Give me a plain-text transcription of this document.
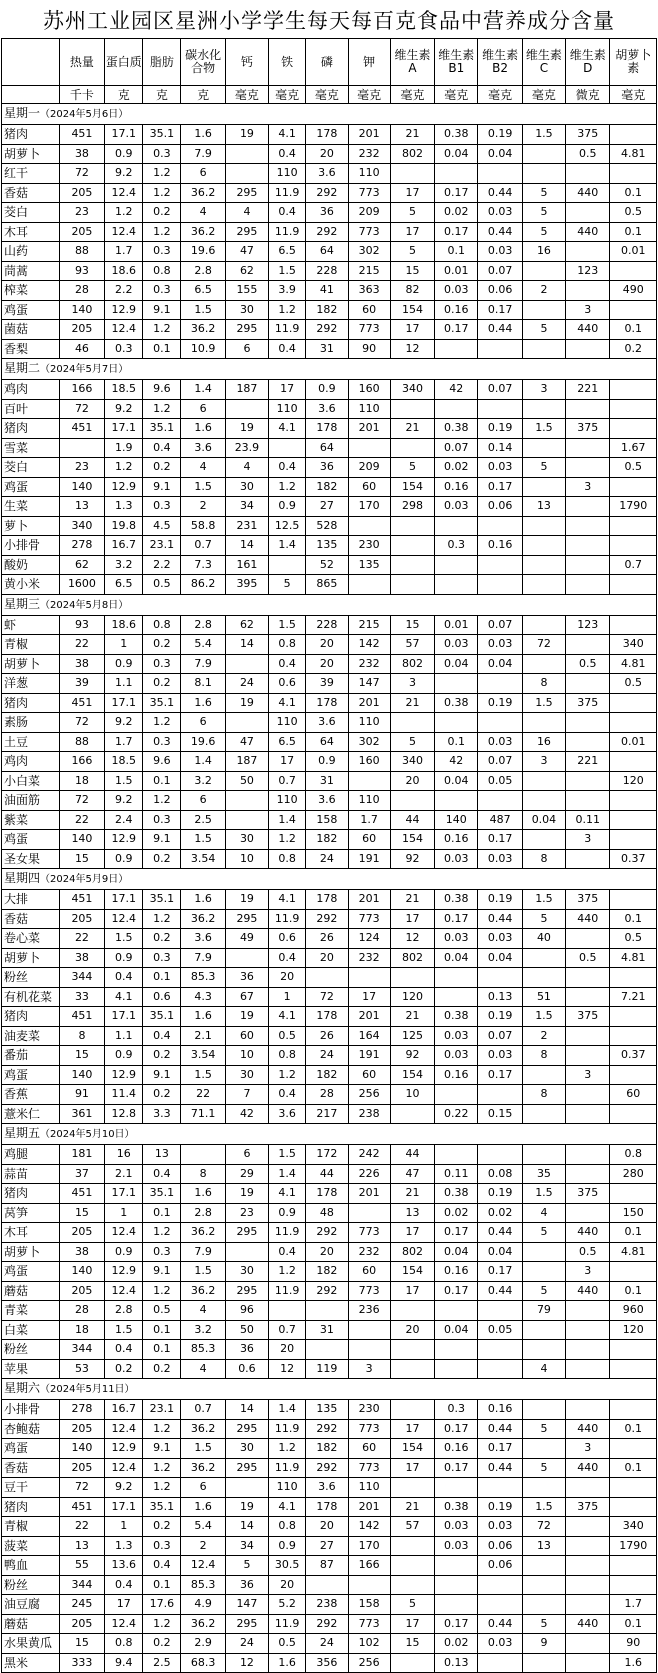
苏州工业园区星洲小学学生每天每百克食品中营养成分含量
	热量	蛋白质	脂肪	碳水化合物	钙	铁	磷	钾	维生素A	维生素B1	维生素B2	维生素C	维生素D	胡萝卜素
	千卡	克	克	克	毫克	毫克	毫克	毫克	毫克	毫克	毫克	毫克	微克	毫克
星期一（2024年5月6日）														
猪肉	451	17.1	35.1	1.6	19	4.1	178	201	21	0.38	0.19	1.5	375	
胡萝卜	38	0.9	0.3	7.9		0.4	20	232	802	0.04	0.04		0.5	4.81
红干	72	9.2	1.2	6		110	3.6	110						
香菇	205	12.4	1.2	36.2	295	11.9	292	773	17	0.17	0.44	5	440	0.1
茭白	23	1.2	0.2	4	4	0.4	36	209	5	0.02	0.03	5		0.5
木耳	205	12.4	1.2	36.2	295	11.9	292	773	17	0.17	0.44	5	440	0.1
山药	88	1.7	0.3	19.6	47	6.5	64	302	5	0.1	0.03	16		0.01
茼蒿	93	18.6	0.8	2.8	62	1.5	228	215	15	0.01	0.07		123	
榨菜	28	2.2	0.3	6.5	155	3.9	41	363	82	0.03	0.06	2		490
鸡蛋	140	12.9	9.1	1.5	30	1.2	182	60	154	0.16	0.17		3	
菌菇	205	12.4	1.2	36.2	295	11.9	292	773	17	0.17	0.44	5	440	0.1
香梨	46	0.3	0.1	10.9	6	0.4	31	90	12					0.2
星期二（2024年5月7日）														
鸡肉	166	18.5	9.6	1.4	187	17	0.9	160	340	42	0.07	3	221	
百叶	72	9.2	1.2	6		110	3.6	110						
猪肉	451	17.1	35.1	1.6	19	4.1	178	201	21	0.38	0.19	1.5	375	
雪菜		1.9	0.4	3.6	23.9		64			0.07	0.14			1.67
茭白	23	1.2	0.2	4	4	0.4	36	209	5	0.02	0.03	5		0.5
鸡蛋	140	12.9	9.1	1.5	30	1.2	182	60	154	0.16	0.17		3	
生菜	13	1.3	0.3	2	34	0.9	27	170	298	0.03	0.06	13		1790
萝卜	340	19.8	4.5	58.8	231	12.5	528							
小排骨	278	16.7	23.1	0.7	14	1.4	135	230		0.3	0.16			
酸奶	62	3.2	2.2	7.3	161		52	135						0.7
黄小米	1600	6.5	0.5	86.2	395	5	865							
星期三（2024年5月8日）														
虾	93	18.6	0.8	2.8	62	1.5	228	215	15	0.01	0.07		123	
青椒	22	1	0.2	5.4	14	0.8	20	142	57	0.03	0.03	72		340
胡萝卜	38	0.9	0.3	7.9		0.4	20	232	802	0.04	0.04		0.5	4.81
洋葱	39	1.1	0.2	8.1	24	0.6	39	147	3			8		0.5
猪肉	451	17.1	35.1	1.6	19	4.1	178	201	21	0.38	0.19	1.5	375	
素肠	72	9.2	1.2	6		110	3.6	110						
土豆	88	1.7	0.3	19.6	47	6.5	64	302	5	0.1	0.03	16		0.01
鸡肉	166	18.5	9.6	1.4	187	17	0.9	160	340	42	0.07	3	221	
小白菜	18	1.5	0.1	3.2	50	0.7	31		20	0.04	0.05			120
油面筋	72	9.2	1.2	6		110	3.6	110						
紫菜	22	2.4	0.3	2.5		1.4	158	1.7	44	140	487	0.04	0.11	
鸡蛋	140	12.9	9.1	1.5	30	1.2	182	60	154	0.16	0.17		3	
圣女果	15	0.9	0.2	3.54	10	0.8	24	191	92	0.03	0.03	8		0.37
星期四（2024年5月9日）														
大排	451	17.1	35.1	1.6	19	4.1	178	201	21	0.38	0.19	1.5	375	
香菇	205	12.4	1.2	36.2	295	11.9	292	773	17	0.17	0.44	5	440	0.1
卷心菜	22	1.5	0.2	3.6	49	0.6	26	124	12	0.03	0.03	40		0.5
胡萝卜	38	0.9	0.3	7.9		0.4	20	232	802	0.04	0.04		0.5	4.81
粉丝	344	0.4	0.1	85.3	36	20								
有机花菜	33	4.1	0.6	4.3	67	1	72	17	120		0.13	51		7.21
猪肉	451	17.1	35.1	1.6	19	4.1	178	201	21	0.38	0.19	1.5	375	
油麦菜	8	1.1	0.4	2.1	60	0.5	26	164	125	0.03	0.07	2		
番茄	15	0.9	0.2	3.54	10	0.8	24	191	92	0.03	0.03	8		0.37
鸡蛋	140	12.9	9.1	1.5	30	1.2	182	60	154	0.16	0.17		3	
香蕉	91	11.4	0.2	22	7	0.4	28	256	10			8		60
薏米仁	361	12.8	3.3	71.1	42	3.6	217	238		0.22	0.15			
星期五（2024年5月10日）														
鸡腿	181	16	13		6	1.5	172	242	44					0.8
蒜苗	37	2.1	0.4	8	29	1.4	44	226	47	0.11	0.08	35		280
猪肉	451	17.1	35.1	1.6	19	4.1	178	201	21	0.38	0.19	1.5	375	
莴笋	15	1	0.1	2.8	23	0.9	48		13	0.02	0.02	4		150
木耳	205	12.4	1.2	36.2	295	11.9	292	773	17	0.17	0.44	5	440	0.1
胡萝卜	38	0.9	0.3	7.9		0.4	20	232	802	0.04	0.04		0.5	4.81
鸡蛋	140	12.9	9.1	1.5	30	1.2	182	60	154	0.16	0.17		3	
蘑菇	205	12.4	1.2	36.2	295	11.9	292	773	17	0.17	0.44	5	440	0.1
青菜	28	2.8	0.5	4	96			236				79		960
白菜	18	1.5	0.1	3.2	50	0.7	31		20	0.04	0.05			120
粉丝	344	0.4	0.1	85.3	36	20								
苹果	53	0.2	0.2	4	0.6	12	119	3				4		
星期六（2024年5月11日）														
小排骨	278	16.7	23.1	0.7	14	1.4	135	230		0.3	0.16			
杏鲍菇	205	12.4	1.2	36.2	295	11.9	292	773	17	0.17	0.44	5	440	0.1
鸡蛋	140	12.9	9.1	1.5	30	1.2	182	60	154	0.16	0.17		3	
香菇	205	12.4	1.2	36.2	295	11.9	292	773	17	0.17	0.44	5	440	0.1
豆干	72	9.2	1.2	6		110	3.6	110						
猪肉	451	17.1	35.1	1.6	19	4.1	178	201	21	0.38	0.19	1.5	375	
青椒	22	1	0.2	5.4	14	0.8	20	142	57	0.03	0.03	72		340
菠菜	13	1.3	0.3	2	34	0.9	27	170		0.03	0.06	13		1790
鸭血	55	13.6	0.4	12.4	5	30.5	87	166			0.06			
粉丝	344	0.4	0.1	85.3	36	20								
油豆腐	245	17	17.6	4.9	147	5.2	238	158	5					1.7
蘑菇	205	12.4	1.2	36.2	295	11.9	292	773	17	0.17	0.44	5	440	0.1
水果黄瓜	15	0.8	0.2	2.9	24	0.5	24	102	15	0.02	0.03	9		90
黑米	333	9.4	2.5	68.3	12	1.6	356	256		0.13				1.6
